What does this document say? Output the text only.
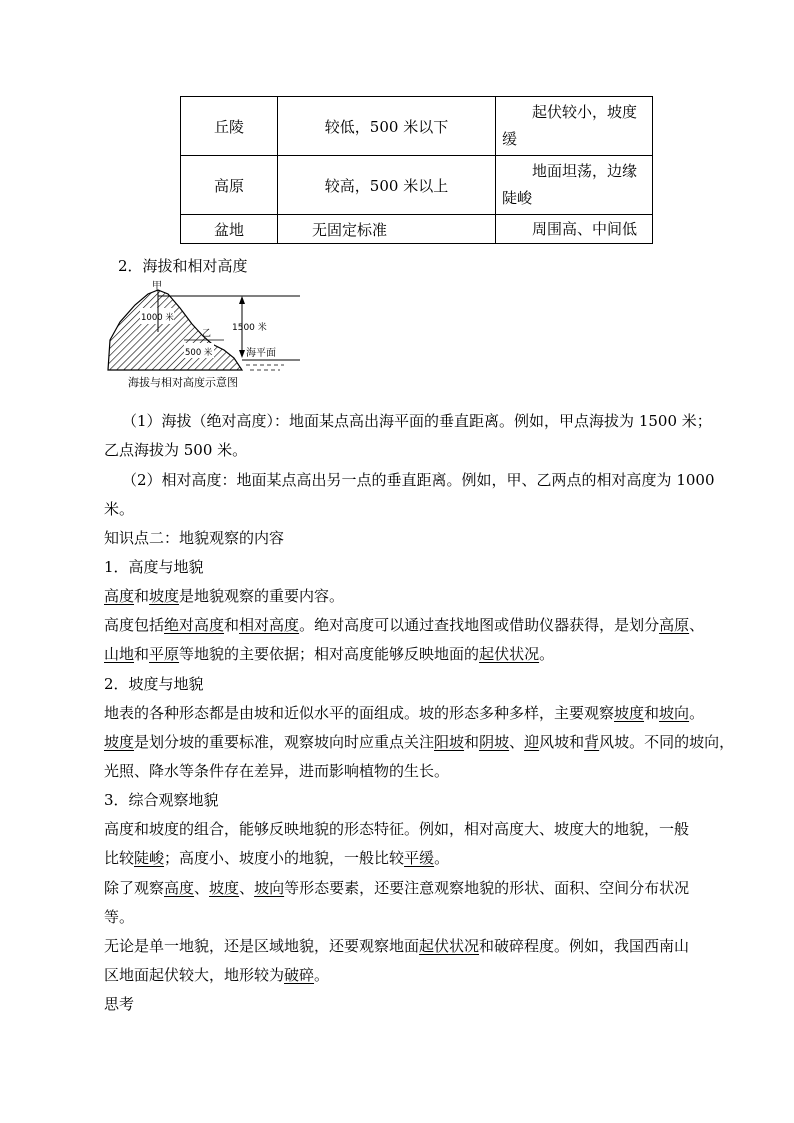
丘陵	较低，500 米以下	起伏较小，坡度
缓
高原	较高，500 米以上	地面坦荡，边缘
陡峻
盆地	无固定标准	周围高、中间低
2．海拔和相对高度
甲
乙
1000 米
500 米
1500 米
海平面
海拔与相对高度示意图
（1）海拔（绝对高度）：地面某点高出海平面的垂直距离。例如，甲点海拔为 1500 米；
乙点海拔为 500 米。
（2）相对高度：地面某点高出另一点的垂直距离。例如，甲、乙两点的相对高度为 1000
米。
知识点二：地貌观察的内容
1．高度与地貌
高度和坡度是地貌观察的重要内容。
高度包括绝对高度和相对高度。绝对高度可以通过查找地图或借助仪器获得，是划分高原、
山地和平原等地貌的主要依据；相对高度能够反映地面的起伏状况。
2．坡度与地貌
地表的各种形态都是由坡和近似水平的面组成。坡的形态多种多样，主要观察坡度和坡向。
坡度是划分坡的重要标准，观察坡向时应重点关注阳坡和阴坡、迎风坡和背风坡。不同的坡向，
光照、降水等条件存在差异，进而影响植物的生长。
3．综合观察地貌
高度和坡度的组合，能够反映地貌的形态特征。例如，相对高度大、坡度大的地貌，一般
比较陡峻；高度小、坡度小的地貌，一般比较平缓。
除了观察高度、坡度、坡向等形态要素，还要注意观察地貌的形状、面积、空间分布状况
等。
无论是单一地貌，还是区域地貌，还要观察地面起伏状况和破碎程度。例如，我国西南山
区地面起伏较大，地形较为破碎。
思考
